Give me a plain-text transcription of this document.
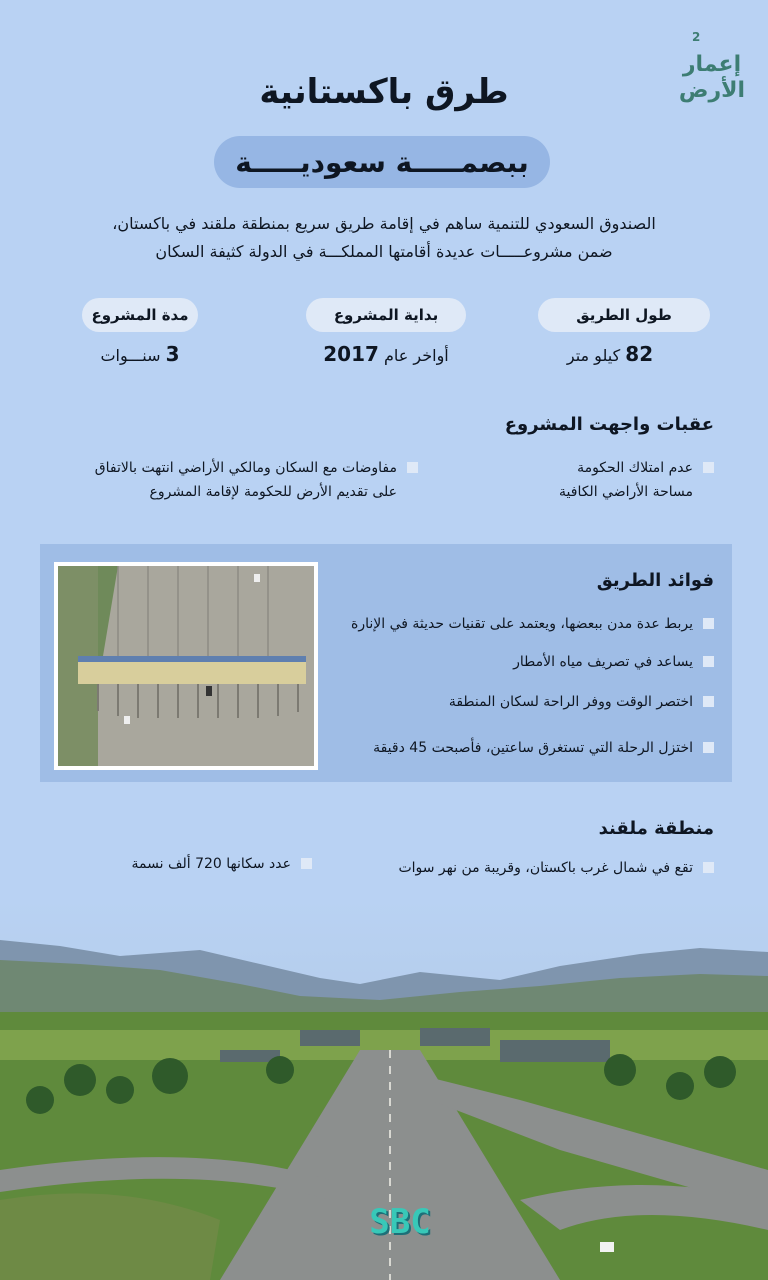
2
إعمار
الأرض
طرق باكستانية
ببصمـــــة سعوديـــــة
الصندوق السعودي للتنمية ساهم في إقامة طريق سريع بمنطقة ملقند في باكستان،
ضمن مشروعـــــات عديدة أقامتها المملكـــة في الدولة كثيفة السكان
طول الطريق
82 كيلو متر
بداية المشروع
أواخر عام 2017
مدة المشروع
3 سنـــوات
عقبات واجهت المشروع
عدم امتلاك الحكومة
مساحة الأراضي الكافية
مفاوضات مع السكان ومالكي الأراضي انتهت بالاتفاق
على تقديم الأرض للحكومة لإقامة المشروع
فوائد الطريق
يربط عدة مدن ببعضها، ويعتمد على تقنيات حديثة في الإنارة
يساعد في تصريف مياه الأمطار
اختصر الوقت ووفر الراحة لسكان المنطقة
اختزل الرحلة التي تستغرق ساعتين، فأصبحت 45 دقيقة
منطقة ملقند
تقع في شمال غرب باكستان، وقريبة من نهر سوات
عدد سكانها 720 ألف نسمة
SBC
